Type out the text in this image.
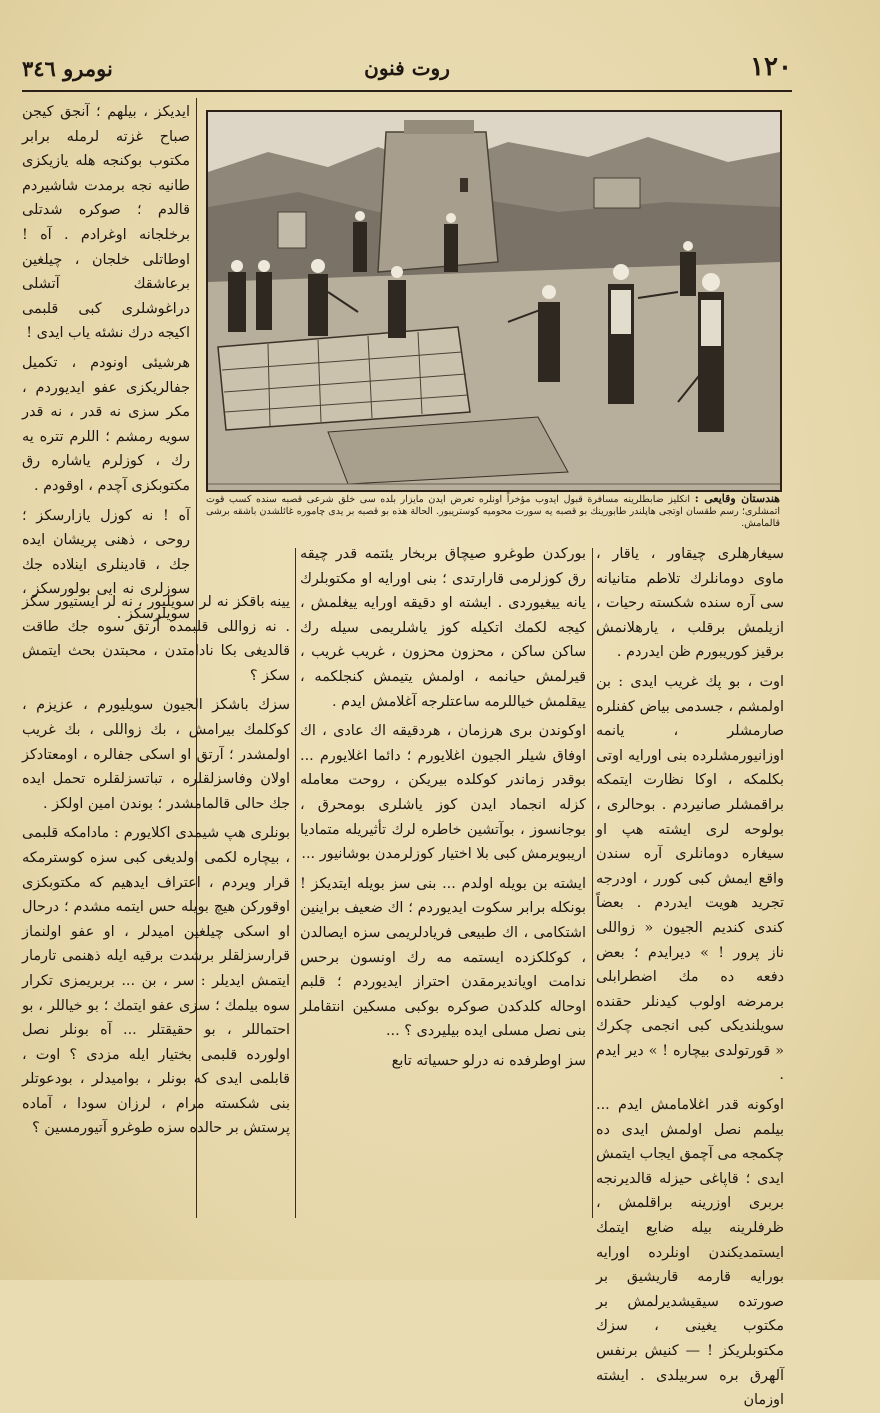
١٢٠
روت فنون
نومرو ٣٤٦
هندستان وقايعى : انكليز ضابطلرينه مسافرة قبول ايدوب مؤخراً اونلره تعرض ايدن مايزار بلده سى خلق شرعى قصبه سنده كسب قوت اتمشلرى؛ رسم طقسان اوتجى هاپلندر طابورينك بو قصبه يه سورت محوميه كوستريبور. الحالة هذه بو قصبه بر يدى چاموره غائلشدن باشقه برشى قالمامش.

ايديكز ، بيلهم ؛ آنجق كيجن صباح غزته لرمله برابر مكتوب بوكنجه هله يازيكزى طانيه نجه برمدت شاشيردم قالدم ؛ صوكره شدتلى برخلجانه اوغرادم . آه ! اوطاتلى خلجان ، چيلغين برعاشقك آتشلى دراغوشلرى كبى قلبمى اكيجه درك نشئه ياب ايدى !

هرشيئى اونودم ، تكميل جفالريكزى عفو ايديوردم ، مكر سزى نه قدر ، نه قدر سويه رمشم ؛ اللرم تتره يه رك ، كوزلرم ياشاره رق مكتوبكزى آچدم ، اوقودم .

آه ! نه كوزل يازارسكز ؛ روحى ، ذهنى پريشان ايده جك ، قادينلرى اينلاده جك سوزلرى نه ايى بولورسكز ، سويلرسكز .

يينه باقكز نه لر سويليور ، نه لر ايستيور سكز . نه زواللى قلبمده آرتق سوه جك طاقت قالديغى بكا نادامتدن ، محبتدن بحث ايتمش سكز ؟

سزك باشكز الجيون سويليورم ، عزيزم ، كوكلمك بيرامش ، بك زواللى ، بك غريب اولمشدر ؛ آرتق او اسكى جفالره ، اومعتادكز اولان وفاسزلقلره ، تباتسزلقلره تحمل ايده جك حالى قالمامشدر ؛ بوندن امين اولكز .

بونلرى هپ شيمدى اكلايورم : مادامكه قلبمى ، بيچاره لكمى اولديغى كبى سزه كوسترمكه قرار ويردم ، اعتراف ايدهيم كه مكتوبكزى اوقورکن هيچ بويله حس ايتمه مشدم ؛ درحال او اسكى چيلغين اميدلر ، او عفو اولنماز قرارسزلقلر برشدت برقيه ايله ذهنمى تارمار ايتمش ايديلر : سر ، بن ... بربريمزى تكرار سوه بيلمك ؛ سزى عفو ايتمك ؛ بو خياللر ، بو احتماللر ، بو حقيقتلر ... آه بونلر نصل اولورده قلبمى بختيار ايله مزدى ؟ اوت ، قابلمى ايدى كه بونلر ، بواميدلر ، بودعوتلر بنى شكسته مرام ، لرزان سودا ، آماده پرستش بر حالده سزه طوغرو آتيورمسين ؟

بوركدن طوغرو صيچاق بربخار يئتمه قدر چيقه رق كوزلرمى قارارتدى ؛ بنى اورايه او مكتوبلرك يانه ييغيوردى . ايشته او دقيقه اورايه ييغلمش ، كيجه لكمك اتكيله كوز ياشلريمى سيله رك ساكن ساكن ، محزون محزون ، غريب غريب ، قيرلمش حيانمه ، اولمش يتيمش كنجلكمه ، ييقلمش خياللرمه ساعتلرجه آغلامش ايدم .

اوكوندن برى هرزمان ، هردقيقه اك عادى ، اك اوفاق شيلر الجيون اغلايورم ؛ دائما اغلايورم ... بوقدر زماندر كوكلده بيريكن ، روحت معامله كزله انجماد ايدن كوز ياشلرى بومحرق ، بوجانسوز ، بوآتشين خاطره لرك تأثيريله متماديا اريبويرمش كبى بلا اختيار كوزلرمدن بوشانيور ...

ايشته بن بويله اولدم ... بنى سز بويله ايتديكز ! بونكله برابر سكوت ايديوردم ؛ اك ضعيف براينين اشتكامى ، اك طبيعى فريادلريمى سزه ايصالدن ، كوكلكزده ايستمه مه رك اونسون برحس ندامت اويانديرمقدن احتراز ايديوردم ؛ قلبم اوحاله كلدكدن صوكره بوكبى مسكين انتقاملر بنى نصل مسلى ايده بيليردى ؟ ...

سز اوطرفده نه درلو حسياته تابع

سيغارهلرى چيقاور ، ياقار ، ماوى دومانلرك تلاطم متانيانه سى آره سنده شكسته رحيات ، ازيلمش برقلب ، يارهلانمش برقيز كوريبورم ظن ايدردم .

اوت ، بو پك غريب ايدى : بن اولمشم ، جسدمى بياض كفنلره صارمشلر ، يانمه اوزانيورمشلرده بنى اورايه اوتى بكلمكه ، اوكا نظارت ايتمكه براقمشلر صانيردم . بوحالرى ، بولوحه لرى ايشته هپ او سيغاره دومانلرى آره سندن واقع ايمش كبى كورر ، اودرجه تجريد هويت ايدردم . بعضاً كندى كنديم الجيون « زواللى ناز پرور ! » ديرايدم ؛ بعض دفعه ده مك اضطرابلى برمرضه اولوب كيدنلر حقنده سويلنديكى كبى انجمى چكرك « قورتولدى بيچاره ! » دير ايدم .

اوكونه قدر اغلامامش ايدم ... بيلمم نصل اولمش ايدى ده چكمجه مى آچمق ايجاب ايتمش ايدى ؛ قاپاغى حيزله قالديرنجه بربرى اوزرينه براقلمش ، ظرفلرينه بيله ضايع ايتمك ايستمديكندن اونلرده اورايه بورايه قارمه قاريشيق بر صورتده سيقيشديرلمش بر مكتوب يغينى ، سزك مكتوبلريكز ! — كنيش برنفس آلهرق بره سربيلدى . ايشته اوزمان
